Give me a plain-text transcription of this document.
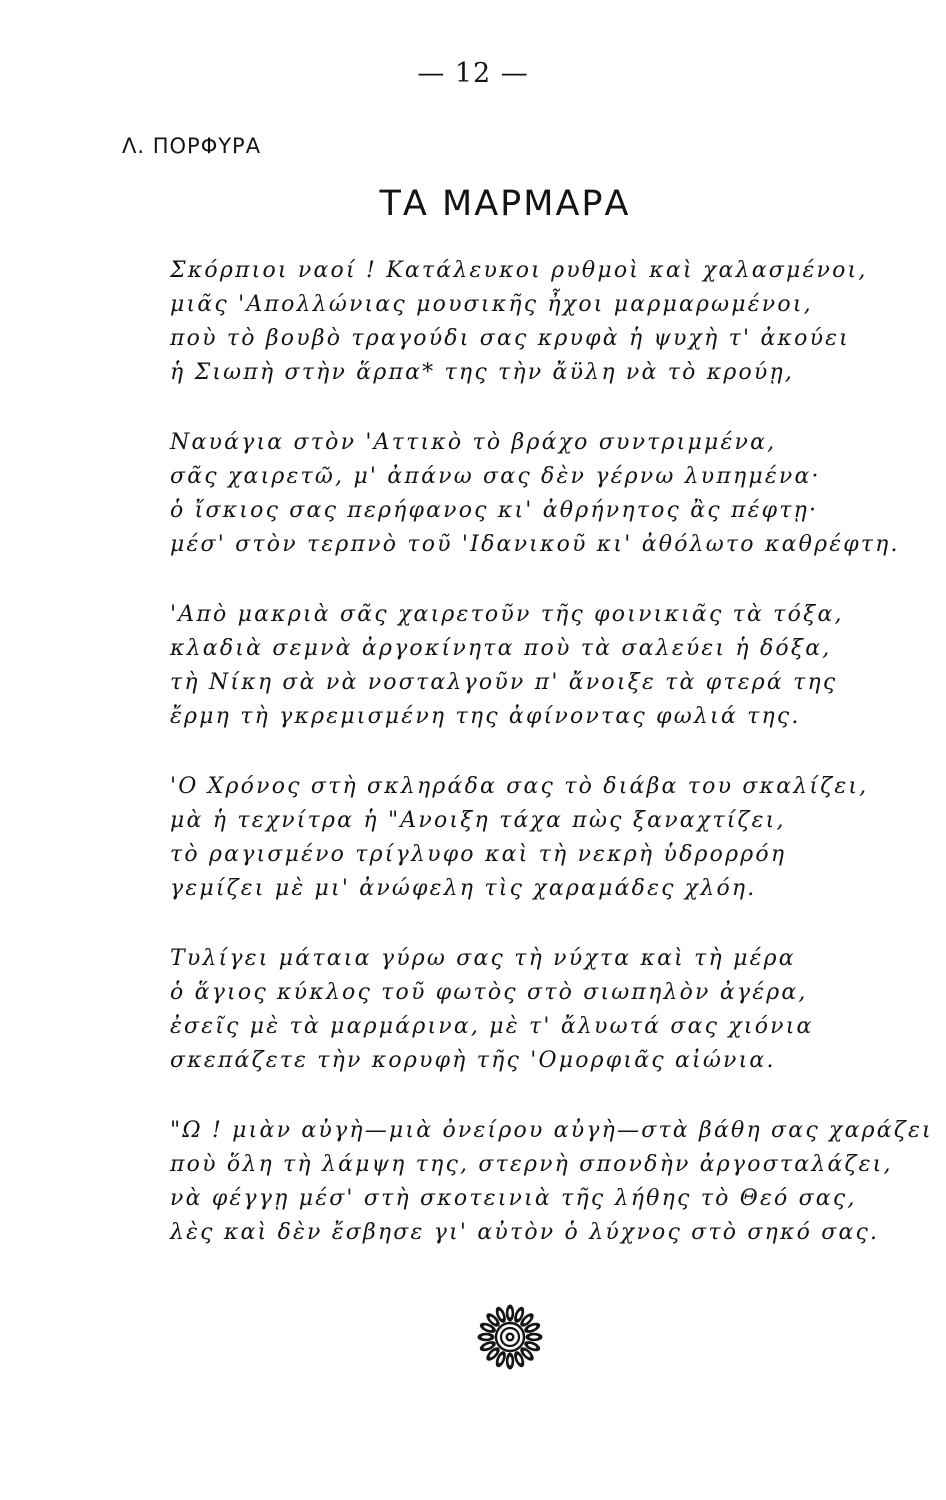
— 12 —
Λ. ΠΟΡΦΥΡΑ
ΤΑ ΜΑΡΜΑΡΑ
Σκόρπιοι ναοί ! Κατάλευκοι ρυθμοὶ καὶ χαλασμένοι,
μιᾶς 'Απολλώνιας μουσικῆς ἦχοι μαρμαρωμένοι,
ποὺ τὸ βουβὸ τραγούδι σας κρυφὰ ἡ ψυχὴ τ' ἀκούει
ἡ Σιωπὴ στὴν ἅρπα* της τὴν ἄϋλη νὰ τὸ κρούῃ,
Ναυάγια στὸν 'Αττικὸ τὸ βράχο συντριμμένα,
σᾶς χαιρετῶ, μ' ἀπάνω σας δὲν γέρνω λυπημένα·
ὁ ἴσκιος σας περήφανος κι' ἀθρήνητος ἂς πέφτῃ·
μέσ' στὸν τερπνὸ τοῦ 'Ιδανικοῦ κι' ἀθόλωτο καθρέφτη.
'Απὸ μακριὰ σᾶς χαιρετοῦν τῆς φοινικιᾶς τὰ τόξα,
κλαδιὰ σεμνὰ ἀργοκίνητα ποὺ τὰ σαλεύει ἡ δόξα,
τὴ Νίκη σὰ νὰ νοσταλγοῦν π' ἄνοιξε τὰ φτερά της
ἔρμη τὴ γκρεμισμένη της ἀφίνοντας φωλιά της.
'Ο Χρόνος στὴ σκληράδα σας τὸ διάβα του σκαλίζει,
μὰ ἡ τεχνίτρα ἡ "Ανοιξη τάχα πὼς ξαναχτίζει,
τὸ ραγισμένο τρίγλυφο καὶ τὴ νεκρὴ ὑδρορρόη
γεμίζει μὲ μι' ἀνώφελη τὶς χαραμάδες χλόη.
Τυλίγει μάταια γύρω σας τὴ νύχτα καὶ τὴ μέρα
ὁ ἅγιος κύκλος τοῦ φωτὸς στὸ σιωπηλὸν ἀγέρα,
ἐσεῖς μὲ τὰ μαρμάρινα, μὲ τ' ἄλυωτά σας χιόνια
σκεπάζετε τὴν κορυφὴ τῆς 'Ομορφιᾶς αἰώνια.
"Ω ! μιὰν αὐγὴ—μιὰ ὀνείρου αὐγὴ—στὰ βάθη σας χαράζει
ποὺ ὅλη τὴ λάμψη της, στερνὴ σπονδὴν ἀργοσταλάζει,
νὰ φέγγῃ μέσ' στὴ σκοτεινιὰ τῆς λήθης τὸ Θεό σας,
λὲς καὶ δὲν ἔσβησε γι' αὐτὸν ὁ λύχνος στὸ σηκό σας.
